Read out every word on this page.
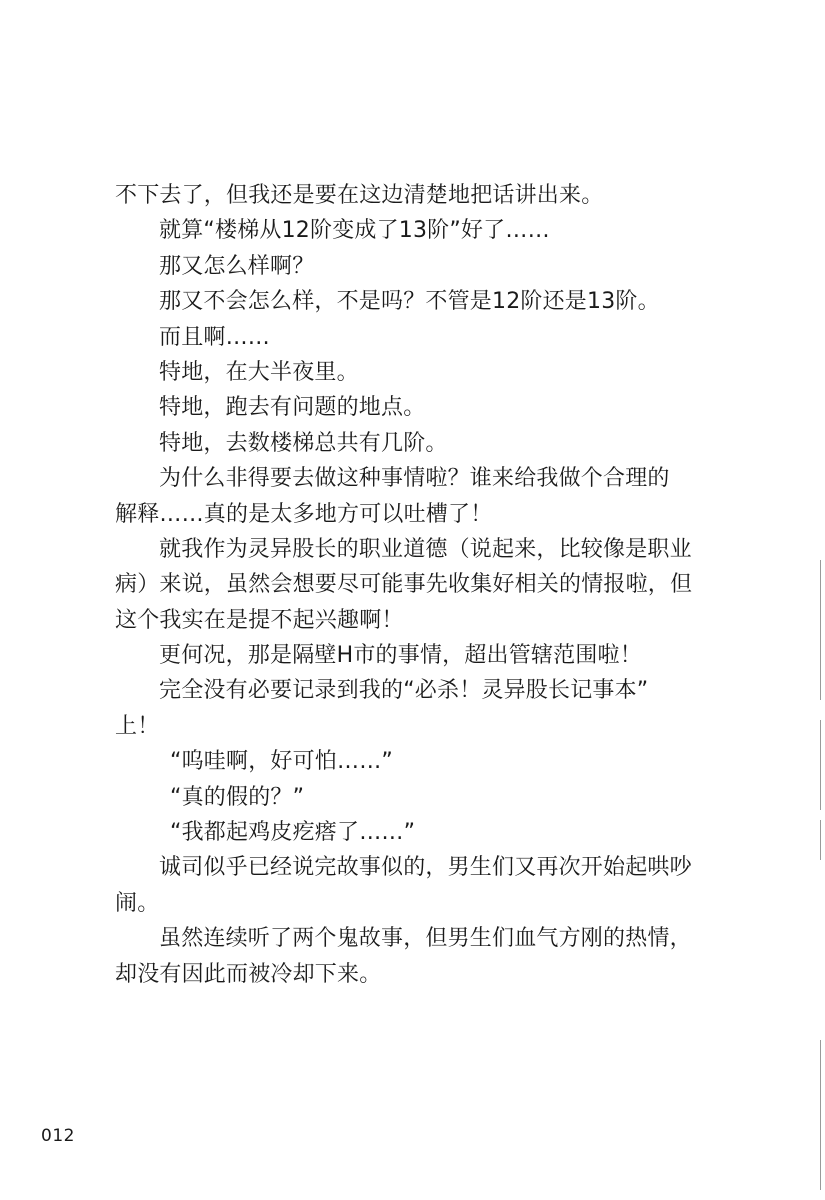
不下去了，但我还是要在这边清楚地把话讲出来。
就算“楼梯从12阶变成了13阶”好了……
那又怎么样啊？
那又不会怎么样，不是吗？不管是12阶还是13阶。
而且啊……
特地，在大半夜里。
特地，跑去有问题的地点。
特地，去数楼梯总共有几阶。
为什么非得要去做这种事情啦？谁来给我做个合理的
解释……真的是太多地方可以吐槽了！
就我作为灵异股长的职业道德（说起来，比较像是职业
病）来说，虽然会想要尽可能事先收集好相关的情报啦，但
这个我实在是提不起兴趣啊！
更何况，那是隔壁H市的事情，超出管辖范围啦！
完全没有必要记录到我的“必杀！灵异股长记事本”
上！
“呜哇啊，好可怕……”
“真的假的？”
“我都起鸡皮疙瘩了……”
诚司似乎已经说完故事似的，男生们又再次开始起哄吵
闹。
虽然连续听了两个鬼故事，但男生们血气方刚的热情，
却没有因此而被冷却下来。
012
